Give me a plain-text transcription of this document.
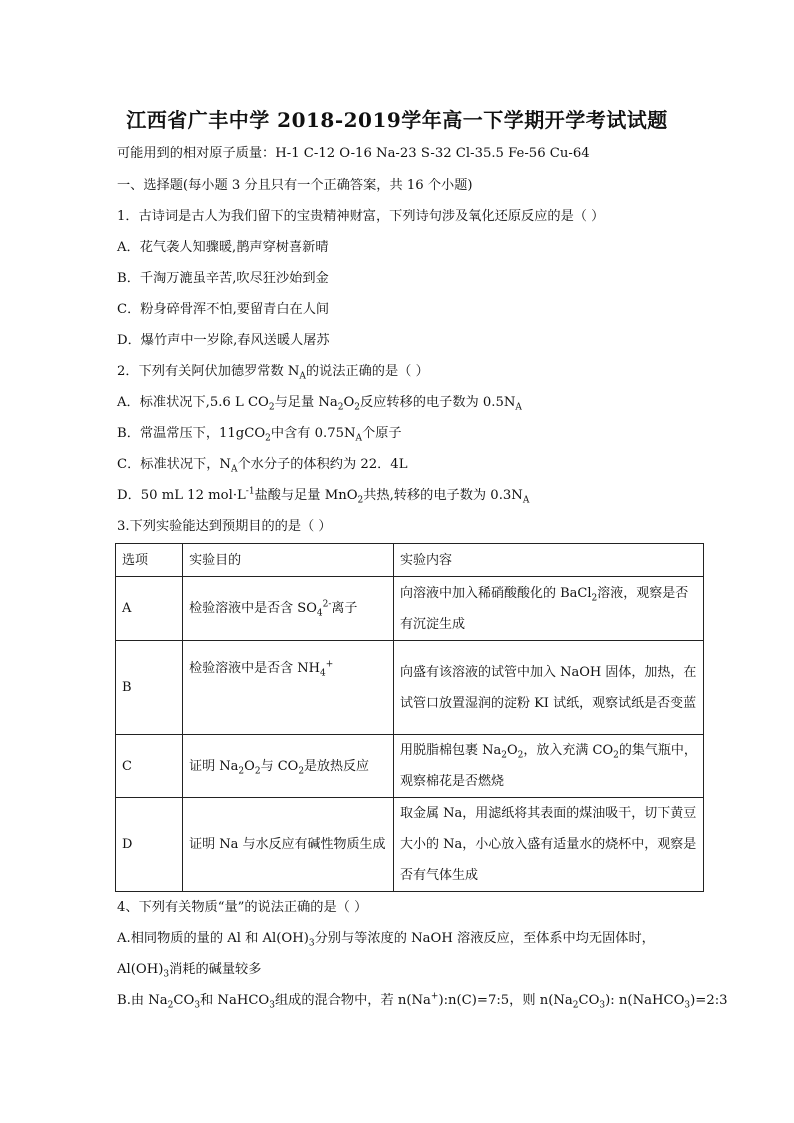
江西省广丰中学 2018-2019学年高一下学期开学考试试题
可能用到的相对原子质量：H-1 C-12 O-16 Na-23 S-32 Cl-35.5 Fe-56 Cu-64
一、选择题(每小题 3 分且只有一个正确答案，共 16 个小题)
1．古诗词是古人为我们留下的宝贵精神财富，下列诗句涉及氧化还原反应的是（ ）
A．花气袭人知骤暖,鹊声穿树喜新晴
B．千淘万漉虽辛苦,吹尽狂沙始到金
C．粉身碎骨浑不怕,要留青白在人间
D．爆竹声中一岁除,春风送暖人屠苏
2．下列有关阿伏加德罗常数 $N_A$的说法正确的是（ ）
A．标准状况下,5.6 L $CO_2$与足量 $Na_2O_2$反应转移的电子数为 $0.5N_A$
B．常温常压下，11gCO$_2$中含有 $0.75N_A$个原子
C．标准状况下，$N_A$个水分子的体积约为 22．4L
D．50 mL 12 $mol\cdot L^{-1}$盐酸与足量 MnO$_2$共热,转移的电子数为 $0.3N_A$
3.下列实验能达到预期目的的是（ ）
选项	实验目的	实验内容
A	检验溶液中是否含 $SO_4^{2-}$离子	向溶液中加入稀硝酸酸化的 BaCl$_2$溶液，观察是否有沉淀生成
B	检验溶液中是否含 $NH_4^+$	向盛有该溶液的试管中加入 NaOH 固体，加热，在试管口放置湿润的淀粉 KI 试纸，观察试纸是否变蓝
C	证明 $Na_2O_2$与 $CO_2$是放热反应	用脱脂棉包裹 $Na_2O_2$，放入充满 $CO_2$的集气瓶中，观察棉花是否燃烧
D	证明 Na 与水反应有碱性物质生成	取金属 Na，用滤纸将其表面的煤油吸干，切下黄豆大小的 Na，小心放入盛有适量水的烧杯中，观察是否有气体生成
4、下列有关物质“量”的说法正确的是（ ）
A.相同物质的量的 Al 和 $Al(OH)_3$分别与等浓度的 NaOH 溶液反应，至体系中均无固体时，
$Al(OH)_3$消耗的碱量较多
B.由 $Na_2CO_3$和 NaHCO$_3$组成的混合物中，若 n(Na+):n(C)=7:5，则 $n(Na_2CO_3)$: n(NaHCO$_3$)=2:3
